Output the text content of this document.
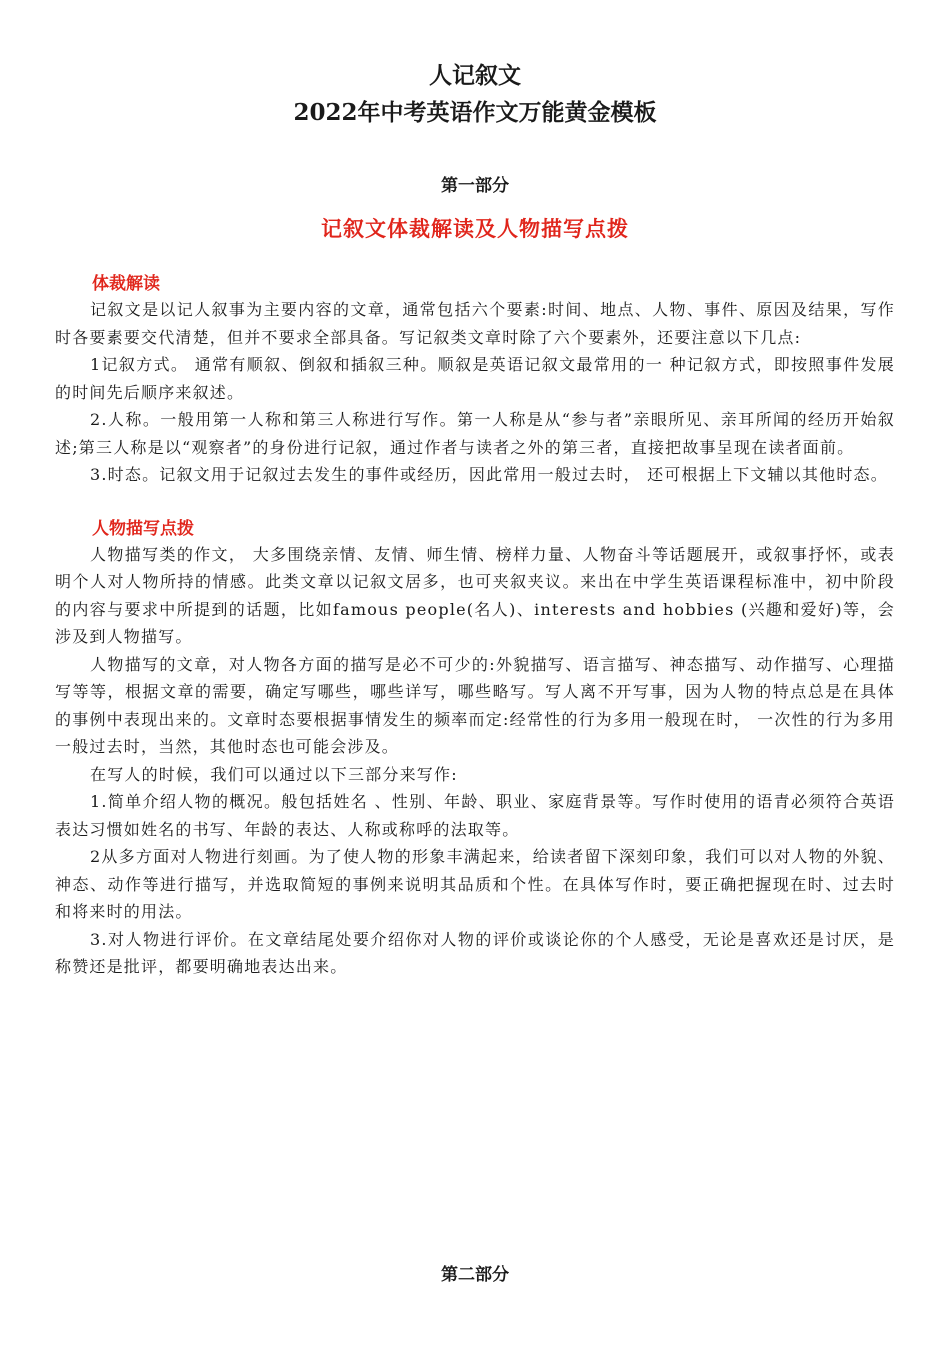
人记叙文
2022年中考英语作文万能黄金模板
第一部分
记叙文体裁解读及人物描写点拨
体裁解读

记叙文是以记人叙事为主要内容的文章，通常包括六个要素:时间、地点、人物、事件、原因及结果，写作时各要素要交代清楚，但并不要求全部具备。写记叙类文章时除了六个要素外，还要注意以下几点:

1记叙方式。 通常有顺叙、倒叙和插叙三种。顺叙是英语记叙文最常用的一 种记叙方式，即按照事件发展的时间先后顺序来叙述。

2.人称。一般用第一人称和第三人称进行写作。第一人称是从“参与者”亲眼所见、亲耳所闻的经历开始叙述;第三人称是以“观察者”的身份进行记叙，通过作者与读者之外的第三者，直接把故事呈现在读者面前。

3.时态。记叙文用于记叙过去发生的事件或经历，因此常用一般过去时， 还可根据上下文辅以其他时态。

人物描写点拨

人物描写类的作文， 大多围绕亲情、友情、师生情、榜样力量、人物奋斗等话题展开，或叙事抒怀，或表明个人对人物所持的情感。此类文章以记叙文居多，也可夹叙夹议。来出在中学生英语课程标准中，初中阶段的内容与要求中所提到的话题，比如famous people(名人)、interests and hobbies (兴趣和爱好)等，会涉及到人物描写。

人物描写的文章，对人物各方面的描写是必不可少的:外貌描写、语言描写、神态描写、动作描写、心理描写等等，根据文章的需要，确定写哪些，哪些详写，哪些略写。写人离不开写事，因为人物的特点总是在具体的事例中表现出来的。文章时态要根据事情发生的频率而定:经常性的行为多用一般现在时， 一次性的行为多用一般过去时，当然，其他时态也可能会涉及。

在写人的时候，我们可以通过以下三部分来写作:

1.简单介绍人物的概况。般包括姓名 、性别、年龄、职业、家庭背景等。写作时使用的语青必须符合英语表达习惯如姓名的书写、年龄的表达、人称或称呼的法取等。

2从多方面对人物进行刻画。为了使人物的形象丰满起来，给读者留下深刻印象，我们可以对人物的外貌、神态、动作等进行描写，并选取简短的事例来说明其品质和个性。在具体写作时，要正确把握现在时、过去时和将来时的用法。

3.对人物进行评价。在文章结尾处要介绍你对人物的评价或谈论你的个人感受，无论是喜欢还是讨厌，是称赞还是批评，都要明确地表达出来。

第二部分
